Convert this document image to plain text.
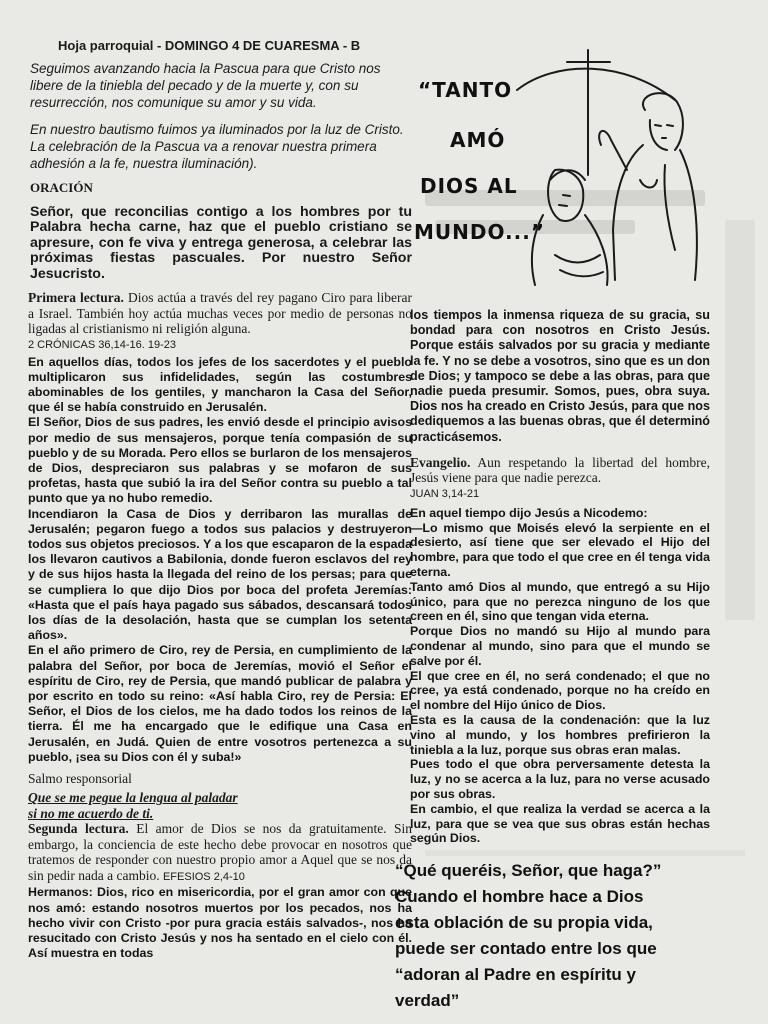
Hoja parroquial - DOMINGO 4 DE CUARESMA - B

Seguimos avanzando hacia la Pascua para que Cristo nos libere de la tiniebla del pecado y de la muerte y, con su resurrección, nos comunique su amor y su vida.

En nuestro bautismo fuimos ya iluminados por la luz de Cristo. La celebración de la Pascua va a renovar nuestra primera adhesión a la fe, nuestra iluminación).

ORACIÓN
Señor, que reconcilias contigo a los hombres por tu Palabra hecha carne, haz que el pueblo cristiano se apresure, con fe viva y entrega generosa, a celebrar las próximas fiestas pascuales. Por nuestro Señor Jesucristo.
“TANTO
AMÓ
DIOS AL
MUNDO...”

Primera lectura. Dios actúa a través del rey pagano Ciro para liberar a Israel. También hoy actúa muchas veces por medio de personas no ligadas al cristianismo ni religión alguna.

2 CRÓNICAS 36,14-16. 19-23

En aquellos días, todos los jefes de los sacerdotes y el pueblo multiplicaron sus infidelidades, según las costumbres abominables de los gentiles, y mancharon la Casa del Señor, que él se había construido en Jerusalén.

El Señor, Dios de sus padres, les envió desde el principio avisos por medio de sus mensajeros, porque tenía compasión de su pueblo y de su Morada. Pero ellos se burlaron de los mensajeros de Dios, despreciaron sus palabras y se mofaron de sus profetas, hasta que subió la ira del Señor contra su pueblo a tal punto que ya no hubo remedio.

Incendiaron la Casa de Dios y derribaron las murallas de Jerusalén; pegaron fuego a todos sus palacios y destruyeron todos sus objetos preciosos. Y a los que escaparon de la espada los llevaron cautivos a Babilonia, donde fueron esclavos del rey y de sus hijos hasta la llegada del reino de los persas; para que se cumpliera lo que dijo Dios por boca del profeta Jeremías: «Hasta que el país haya pagado sus sábados, descansará todos los días de la desolación, hasta que se cumplan los setenta años».

En el año primero de Ciro, rey de Persia, en cumplimiento de la palabra del Señor, por boca de Jeremías, movió el Señor el espíritu de Ciro, rey de Persia, que mandó publicar de palabra y por escrito en todo su reino: «Así habla Ciro, rey de Persia: El Señor, el Dios de los cielos, me ha dado todos los reinos de la tierra. Él me ha encargado que le edifique una Casa en Jerusalén, en Judá. Quien de entre vosotros pertenezca a su pueblo, ¡sea su Dios con él y suba!»

Salmo responsorial

Que se me pegue la lengua al paladar

si no me acuerdo de ti.

Segunda lectura. El amor de Dios se nos da gratuitamente. Sin embargo, la conciencia de este hecho debe provocar en nosotros que tratemos de responder con nuestro propio amor a Aquel que se nos da sin pedir nada a cambio. EFESIOS 2,4-10

Hermanos: Dios, rico en misericordia, por el gran amor con que nos amó: estando nosotros muertos por los pecados, nos ha hecho vivir con Cristo -por pura gracia estáis salvados-, nos ha resucitado con Cristo Jesús y nos ha sentado en el cielo con él. Así muestra en todas

los tiempos la inmensa riqueza de su gracia, su bondad para con nosotros en Cristo Jesús. Porque estáis salvados por su gracia y mediante la fe. Y no se debe a vosotros, sino que es un don de Dios; y tampoco se debe a las obras, para que nadie pueda presumir. Somos, pues, obra suya. Dios nos ha creado en Cristo Jesús, para que nos dediquemos a las buenas obras, que él determinó practicásemos.

Evangelio. Aun respetando la libertad del hombre, Jesús viene para que nadie perezca.

JUAN 3,14-21

En aquel tiempo dijo Jesús a Nicodemo:

—Lo mismo que Moisés elevó la serpiente en el desierto, así tiene que ser elevado el Hijo del hombre, para que todo el que cree en él tenga vida eterna.

Tanto amó Dios al mundo, que entregó a su Hijo único, para que no perezca ninguno de los que creen en él, sino que tengan vida eterna.

Porque Dios no mandó su Hijo al mundo para condenar al mundo, sino para que el mundo se salve por él.

El que cree en él, no será condenado; el que no cree, ya está condenado, porque no ha creído en el nombre del Hijo único de Dios.

Esta es la causa de la condenación: que la luz vino al mundo, y los hombres prefirieron la tiniebla a la luz, porque sus obras eran malas.

Pues todo el que obra perversamente detesta la luz, y no se acerca a la luz, para no verse acusado por sus obras.

En cambio, el que realiza la verdad se acerca a la luz, para que se vea que sus obras están hechas según Dios.

“Qué queréis, Señor, que haga?”
Cuando el hombre hace a Dios
esta oblación de su propia vida,
puede ser contado entre los que
“adoran al Padre en espíritu y
verdad”
